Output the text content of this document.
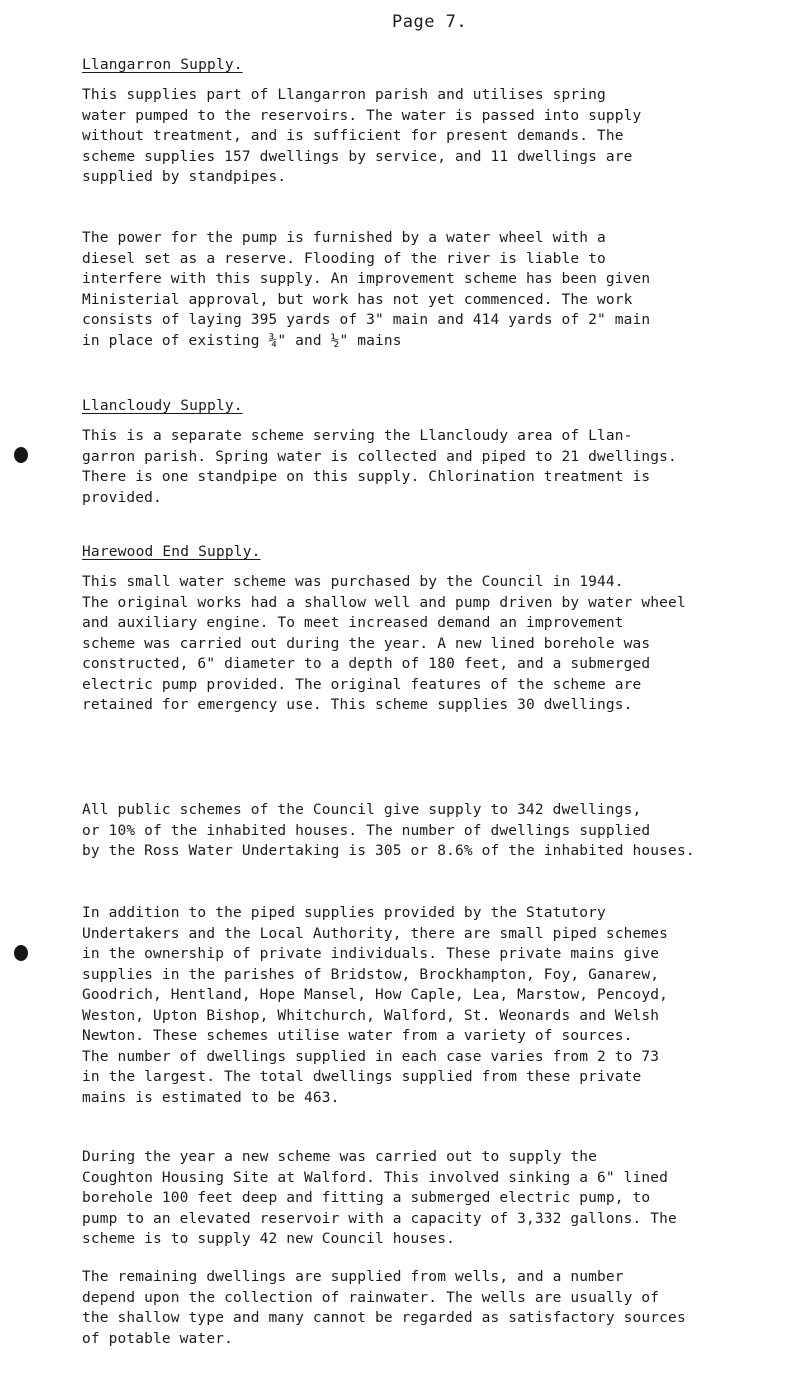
Page 7.
Llangarron Supply.

This supplies part of Llangarron parish and utilises spring
water pumped to the reservoirs. The water is passed into supply
without treatment, and is sufficient for present demands. The
scheme supplies 157 dwellings by service, and 11 dwellings are
supplied by standpipes.

The power for the pump is furnished by a water wheel with a
diesel set as a reserve. Flooding of the river is liable to
interfere with this supply. An improvement scheme has been given
Ministerial approval, but work has not yet commenced. The work
consists of laying 395 yards of 3" main and 414 yards of 2" main
in place of existing ¾" and ½" mains

Llancloudy Supply.

This is a separate scheme serving the Llancloudy area of Llan-
garron parish. Spring water is collected and piped to 21 dwellings.
There is one standpipe on this supply. Chlorination treatment is
provided.

Harewood End Supply.

This small water scheme was purchased by the Council in 1944.
The original works had a shallow well and pump driven by water wheel
and auxiliary engine. To meet increased demand an improvement
scheme was carried out during the year. A new lined borehole was
constructed, 6" diameter to a depth of 180 feet, and a submerged
electric pump provided. The original features of the scheme are
retained for emergency use. This scheme supplies 30 dwellings.

All public schemes of the Council give supply to 342 dwellings,
or 10% of the inhabited houses. The number of dwellings supplied
by the Ross Water Undertaking is 305 or 8.6% of the inhabited houses.

In addition to the piped supplies provided by the Statutory
Undertakers and the Local Authority, there are small piped schemes
in the ownership of private individuals. These private mains give
supplies in the parishes of Bridstow, Brockhampton, Foy, Ganarew,
Goodrich, Hentland, Hope Mansel, How Caple, Lea, Marstow, Pencoyd,
Weston, Upton Bishop, Whitchurch, Walford, St. Weonards and Welsh
Newton. These schemes utilise water from a variety of sources.
The number of dwellings supplied in each case varies from 2 to 73
in the largest. The total dwellings supplied from these private
mains is estimated to be 463.

During the year a new scheme was carried out to supply the
Coughton Housing Site at Walford. This involved sinking a 6" lined
borehole 100 feet deep and fitting a submerged electric pump, to
pump to an elevated reservoir with a capacity of 3,332 gallons. The
scheme is to supply 42 new Council houses.

The remaining dwellings are supplied from wells, and a number
depend upon the collection of rainwater. The wells are usually of
the shallow type and many cannot be regarded as satisfactory sources
of potable water.
